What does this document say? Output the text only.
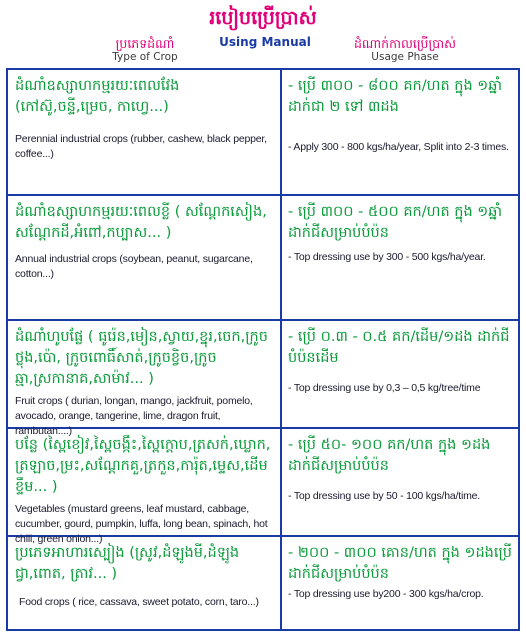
របៀបប្រើប្រាស់
ប្រភេទដំណាំ
Type of Crop
Using Manual	ដំណាក់កាលប្រើប្រាស់
Usage Phase
ដំណាំឧស្សាហកម្មរយៈពេលវែង (កៅស៊ូ,ចន្ទី,ម្រេច, កាហ្វេ...)
Perennial industrial crops (rubber, cashew, black pepper, coffee...)
- ប្រើ ៣០០ - ៨០០ គក/ហត ក្នុង ១ឆ្នាំ ដាក់ជា ២ ទៅ ៣ដង
- Apply 300 - 800 kgs/ha/year, Split into 2-3 times.
ដំណាំឧស្សាហកម្មរយៈពេលខ្លី ( សណ្តែកសៀង, សណ្តែកដី,អំពៅ,កប្បាស... )
Annual industrial crops (soybean, peanut, sugarcane, cotton...)
- ប្រើ ៣០០ - ៥០០ គក/ហត ក្នុង ១ឆ្នាំ ដាក់ជីសម្រាប់បំប៉ន
- Top dressing use by 300 - 500 kgs/ha/year.
ដំណាំហូបផ្លែ ( ធូរ៉េន,មៀន,ស្វាយ,ខ្នុរ,ចេក,ក្រូចថ្លុង,ប៉ោ, ក្រូចពោធិ៍សាត់,ក្រូចខ្វិច,ក្រូចឆ្មា,ស្រកានាគ,សាម៉ាវ... )
Fruit crops ( durian, longan, mango, jackfruit, pomelo, avocado, orange, tangerine, lime, dragon fruit, rambutan....)
- ប្រើ ០.៣ - ០.៥ គក/ដើម/១ដង ដាក់ជីបំប៉នដើម
- Top dressing use by 0,3 – 0,5 kg/tree/time
បន្លែ (ស្ពៃខៀវ,ស្ពៃចង្កឹះ,ស្ពៃក្តោប,ត្រសក់,ឃ្លោក, ត្រឡាច,ម្រះ,សណ្តែកគួ,ត្រកួន,ការ៉ុត,ម្ទេស,ដើមខ្ទឹម... )
Vegetables (mustard greens, leaf mustard, cabbage, cucumber, gourd, pumpkin, luffa, long bean, spinach, hot chili, green onion...)
- ប្រើ ៥០- ១០០ គក/ហត ក្នុង ១ដង ដាក់ជីសម្រាប់បំប៉ន
- Top dressing use by 50 - 100 kgs/ha/time.
ប្រភេទអាហារស្បៀង (ស្រូវ,ដំឡូងមី,ដំឡូងជ្វា,ពោត, ត្រាវ... )
Food crops ( rice, cassava, sweet potato, corn, taro...)
- ២០០ - ៣០០ គោន/ហត ក្នុង ១ដងប្រើ ដាក់ជីសម្រាប់បំប៉ន
- Top dressing use by200 - 300 kgs/ha/crop.
